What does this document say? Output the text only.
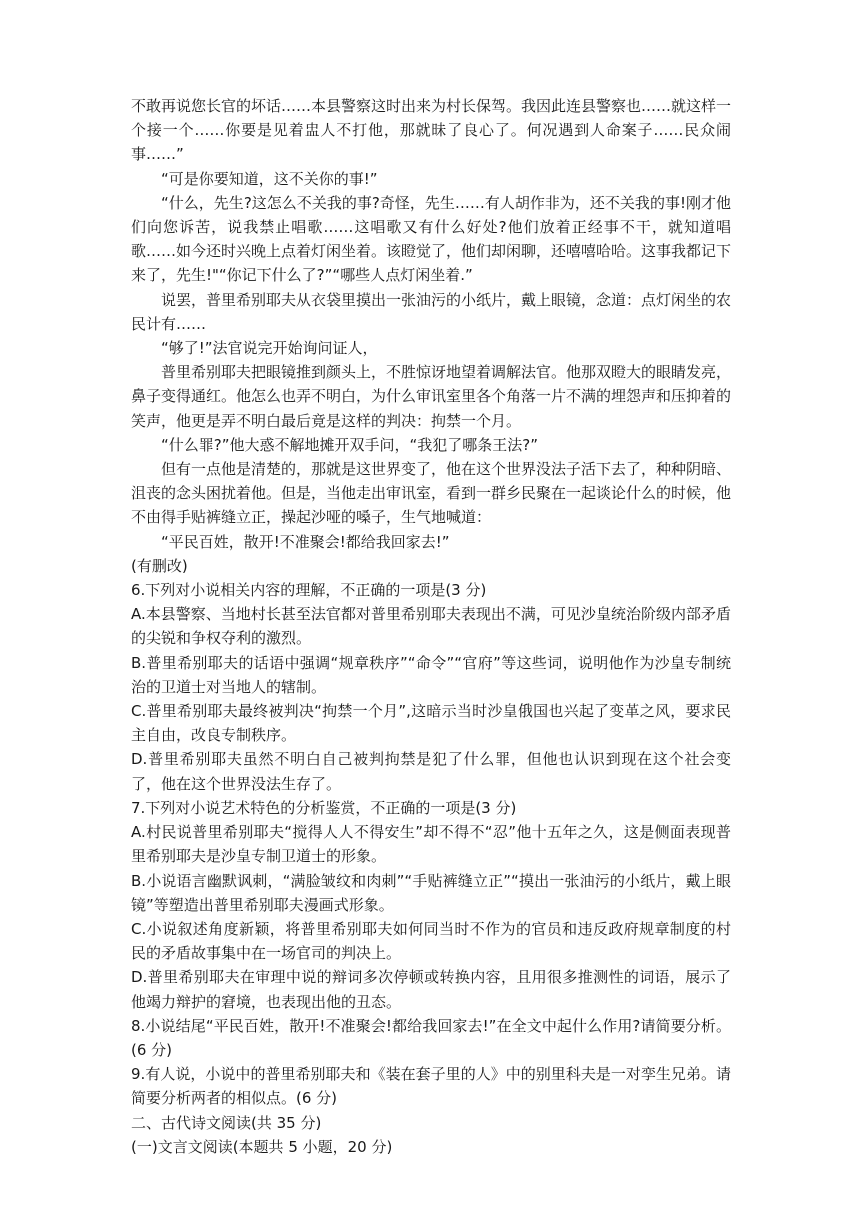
不敢再说您长官的坏话……本县警察这时出来为村长保驾。我因此连县警察也……就这样一个接一个……你要是见着盅人不打他，那就昧了良心了。何况遇到人命案子……民众闹事……”

“可是你要知道，这不关你的事!”

“什么，先生?这怎么不关我的事?奇怪，先生……有人胡作非为，还不关我的事!刚才他们向您诉苦，说我禁止唱歌……这唱歌又有什么好处?他们放着正经事不干，就知道唱歌……如今还时兴晚上点着灯闲坐着。该瞪觉了，他们却闲聊，还嘻嘻哈哈。这事我都记下来了，先生!"“你记下什么了?”“哪些人点灯闲坐着.”

说罢，普里希别耶夫从衣袋里摸出一张油污的小纸片，戴上眼镜，念道：点灯闲坐的农民计有……

“够了!”法官说完开始询问证人，

普里希别耶夫把眼镜推到颜头上，不胜惊讶地望着调解法官。他那双瞪大的眼睛发亮，鼻子变得通红。他怎么也弄不明白，为什么审讯室里各个角落一片不满的埋怨声和压抑着的笑声，他更是弄不明白最后竟是这样的判决：拘禁一个月。

“什么罪?”他大惑不解地摊开双手问，“我犯了哪条王法?”

但有一点他是清楚的，那就是这世界变了，他在这个世界没法子活下去了，种种阴暗、沮丧的念头困扰着他。但是，当他走出审讯室，看到一群乡民聚在一起谈论什么的时候，他不由得手贴裤缝立正，操起沙哑的嗓子，生气地喊道：

“平民百姓，散开!不准聚会!都给我回家去!”

(有删改)

6.下列对小说相关内容的理解，不正确的一项是(3 分)

A.本县警察、当地村长甚至法官都对普里希别耶夫表现出不满，可见沙皇统治阶级内部矛盾的尖锐和争权夺利的激烈。

B.普里希别耶夫的话语中强调“规章秩序”“命令”“官府”等这些词，说明他作为沙皇专制统治的卫道士对当地人的辖制。

C.普里希别耶夫最终被判决“拘禁一个月”,这暗示当时沙皇俄国也兴起了变革之风，要求民主自由，改良专制秩序。

D.普里希别耶夫虽然不明白自己被判拘禁是犯了什么罪，但他也认识到现在这个社会变了，他在这个世界没法生存了。

7.下列对小说艺术特色的分析鉴赏，不正确的一项是(3 分)

A.村民说普里希别耶夫“搅得人人不得安生”却不得不“忍”他十五年之久，这是侧面表现普里希别耶夫是沙皇专制卫道士的形象。

B.小说语言幽默讽刺，“满脸皱纹和肉刺”“手贴裤缝立正”“摸出一张油污的小纸片，戴上眼镜”等塑造出普里希别耶夫漫画式形象。

C.小说叙述角度新颖，将普里希别耶夫如何同当时不作为的官员和违反政府规章制度的村民的矛盾故事集中在一场官司的判决上。

D.普里希别耶夫在审理中说的辩词多次停顿或转换内容，且用很多推测性的词语，展示了他竭力辩护的窘境，也表现出他的丑态。

8.小说结尾“平民百姓，散开!不准聚会!都给我回家去!”在全文中起什么作用?请简要分析。(6 分)

9.有人说，小说中的普里希别耶夫和《装在套子里的人》中的别里科夫是一对孪生兄弟。请简要分析两者的相似点。(6 分)

二、古代诗文阅读(共 35 分)

(一)文言文阅读(本题共 5 小题，20 分)
